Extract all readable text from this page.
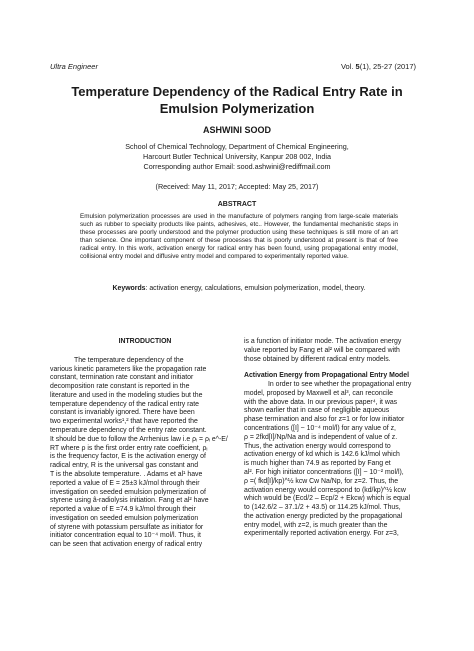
Ultra Engineer	Vol. 5(1), 25-27 (2017)
Temperature Dependency of the Radical Entry Rate in Emulsion Polymerization
ASHWINI SOOD
School of Chemical Technology, Department of Chemical Engineering,
Harcourt Butler Technical University, Kanpur 208 002, India
Corresponding author Email: sood.ashwini@rediffmail.com
(Received: May 11, 2017; Accepted: May 25, 2017)
ABSTRACT
Emulsion polymerization processes are used in the manufacture of polymers ranging from large-scale materials such as rubber to specialty products like paints, adhesives, etc.. However, the fundamental mechanistic steps in these processes are poorly understood and the polymer production using these techniques is still more of an art than science. One important component of these processes that is poorly understood at present is that of free radical entry. In this work, activation energy for radical entry has been found, using propagational entry model, collisional entry model and diffusive entry model and compared to experimentally reported value.
Keywords: activation energy, calculations, emulsion polymerization, model, theory.
INTRODUCTION

The temperature dependency of the

various kinetic parameters like the propagation rate

constant, termination rate constant and initiator

decomposition rate constant is reported in the

literature and used in the modeling studies but the

temperature dependency of the radical entry rate

constant is invariably ignored. There have been

two experimental works¹,² that have reported the

temperature dependency of the entry rate constant.

It should be due to follow the Arrhenius law i.e ρᵢ = ρᵢ e^-E/

RT where ρ is the first order entry rate coefficient, ρᵢ

is the frequency factor, E is the activation energy of

radical entry, R is the universal gas constant and

T is the absolute temperature. . Adams et al¹ have

reported a value of E = 25±3 kJ/mol through their

investigation on seeded emulsion polymerization of

styrene using â-radiolysis initiation. Fang et al² have

reported a value of E =74.9 kJ/mol through their

investigation on seeded emulsion polymerization

of styrene with potassium persulfate as initiator for

initiator concentration equal to 10⁻⁴ mol/l. Thus, it

can be seen that activation energy of radical entry

is a function of initiator mode. The activation energy

value reported by Fang et al² will be compared with

those obtained by different radical entry models.

Activation Energy from Propagational Entry Model

In order to see whether the propagational entry

model, proposed by Maxwell et al³, can reconcile

with the above data. In our previous paper⁴, it was

shown earlier that in case of negligible aqueous

phase termination and also for z=1 or for low initiator

concentrations ([I] ~ 10⁻⁴ mol/l) for any value of z,

ρ = 2fkd[I]/Np/Na and is independent of value of z.

Thus, the activation energy would correspond to

activation energy of kd which is 142.6 kJ/mol which

is much higher than 74.9 as reported by Fang et

al². For high initiator concentrations ([I] ~ 10⁻² mol/l),

ρ =( fkd[I]/kp)^½ kcw Cw Na/Np, for z=2. Thus, the

activation energy would correspond to (kd/kp)^½ kcw

which would be (Ecd/2 – Ecp/2 + Ekcw) which is equal

to (142.6/2 – 37.1/2 + 43.5) or 114.25 kJ/mol. Thus,

the activation energy predicted by the propagational

entry model, with z=2, is much greater than the

experimentally reported activation energy. For z=3,
